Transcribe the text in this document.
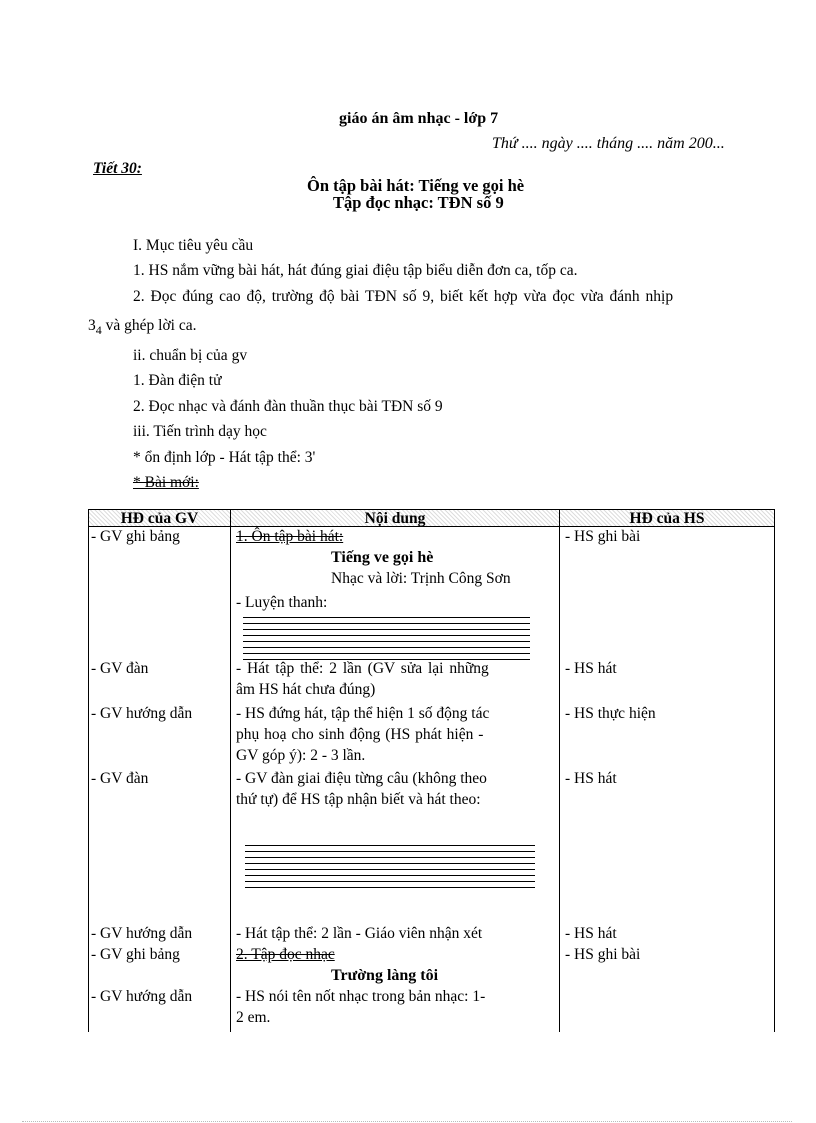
giáo án âm nhạc - lớp 7
Thứ .... ngày .... tháng .... năm 200...
Tiết 30:
Ôn tập bài hát: Tiếng ve gọi hè
Tập đọc nhạc: TĐN số 9
I. Mục tiêu yêu cầu
1. HS nắm vững bài hát, hát đúng giai điệu tập biểu diễn đơn ca, tốp ca.
2. Đọc đúng cao độ, trường độ bài TĐN số 9, biết kết hợp vừa đọc vừa đánh nhịp
$3_4$ và ghép lời ca.
ii. chuẩn bị của gv
1. Đàn điện tử
2. Đọc nhạc và đánh đàn thuần thục bài TĐN số 9
iii. Tiến trình dạy học
* ổn định lớp - Hát tập thể: 3'
* Bài mới:
HĐ của GV	Nội dung	HĐ của HS
- GV ghi bảng
- GV đàn
- GV hướng dẫn
- GV đàn
- GV hướng dẫn
- GV ghi bảng
- GV hướng dẫn
- HS ghi bài
- HS hát
- HS thực hiện
- HS hát
- HS hát
- HS ghi bài
1. Ôn tập bài hát:
Tiếng ve gọi hè
Nhạc và lời: Trịnh Công Sơn
- Luyện thanh:
- Hát tập thể: 2 lần (GV sửa lại những
âm HS hát chưa đúng)
- HS đứng hát, tập thể hiện 1 số động tác
phụ hoạ cho sinh động (HS phát hiện -
GV góp ý): 2 - 3 lần.
- GV đàn giai điệu từng câu (không theo
thứ tự) để HS tập nhận biết và hát theo:
- Hát tập thể: 2 lần - Giáo viên nhận xét
2. Tập đọc nhạc
Trường làng tôi
- HS nói tên nốt nhạc trong bản nhạc: 1-
2 em.
